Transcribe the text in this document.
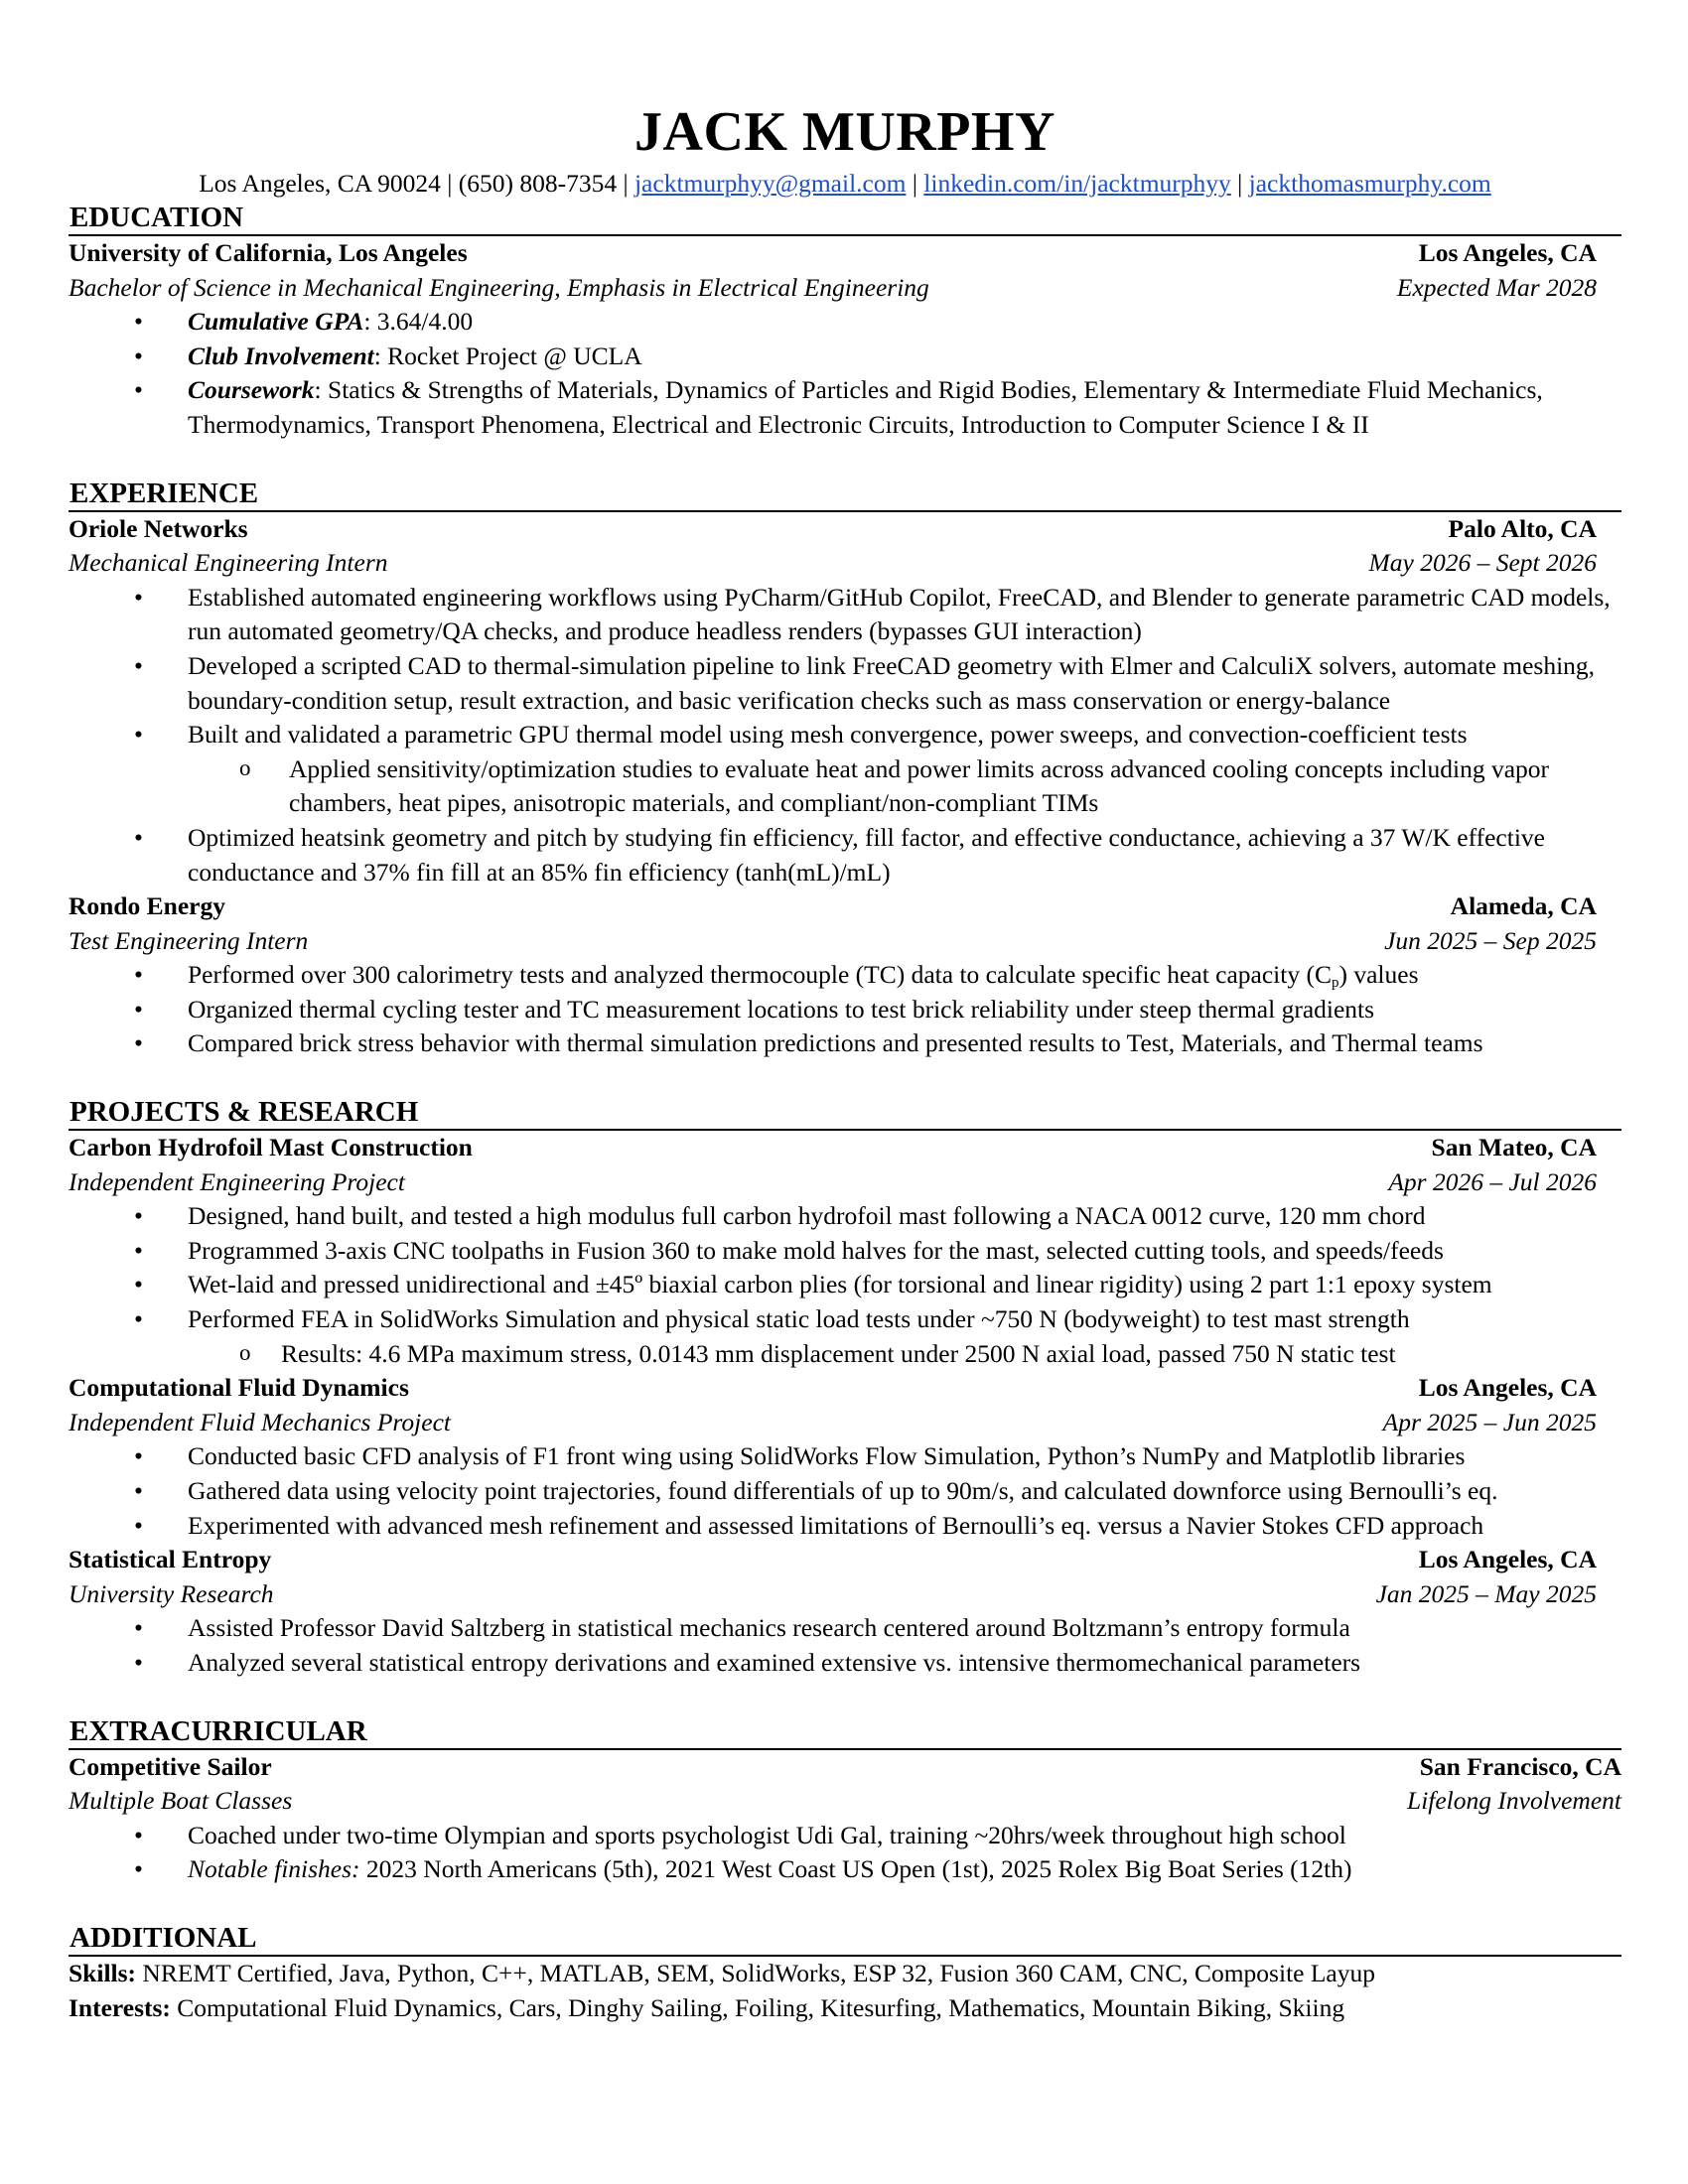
JACK MURPHY
Los Angeles, CA 90024 | (650) 808-7354 | jacktmurphyy@gmail.com | linkedin.com/in/jacktmurphyy | jackthomasmurphy.com
EDUCATION
University of California, Los Angeles	Los Angeles, CA
Bachelor of Science in Mechanical Engineering, Emphasis in Electrical Engineering	Expected Mar 2028
• Cumulative GPA: 3.64/4.00
• Club Involvement: Rocket Project @ UCLA
• Coursework: Statics & Strengths of Materials, Dynamics of Particles and Rigid Bodies, Elementary & Intermediate Fluid Mechanics, Thermodynamics, Transport Phenomena, Electrical and Electronic Circuits, Introduction to Computer Science I & II
EXPERIENCE
Oriole Networks	Palo Alto, CA
Mechanical Engineering Intern	May 2026 – Sept 2026
• Established automated engineering workflows using PyCharm/GitHub Copilot, FreeCAD, and Blender to generate parametric CAD models, run automated geometry/QA checks, and produce headless renders (bypasses GUI interaction)
• Developed a scripted CAD to thermal-simulation pipeline to link FreeCAD geometry with Elmer and CalculiX solvers, automate meshing, boundary-condition setup, result extraction, and basic verification checks such as mass conservation or energy-balance
• Built and validated a parametric GPU thermal model using mesh convergence, power sweeps, and convection-coefficient tests
o Applied sensitivity/optimization studies to evaluate heat and power limits across advanced cooling concepts including vapor chambers, heat pipes, anisotropic materials, and compliant/non-compliant TIMs
• Optimized heatsink geometry and pitch by studying fin efficiency, fill factor, and effective conductance, achieving a 37 W/K effective conductance and 37% fin fill at an 85% fin efficiency (tanh(mL)/mL)
Rondo Energy	Alameda, CA
Test Engineering Intern	Jun 2025 – Sep 2025
• Performed over 300 calorimetry tests and analyzed thermocouple (TC) data to calculate specific heat capacity $(C_p)$ values
• Organized thermal cycling tester and TC measurement locations to test brick reliability under steep thermal gradients
• Compared brick stress behavior with thermal simulation predictions and presented results to Test, Materials, and Thermal teams
PROJECTS & RESEARCH
Carbon Hydrofoil Mast Construction	San Mateo, CA
Independent Engineering Project	Apr 2026 – Jul 2026
• Designed, hand built, and tested a high modulus full carbon hydrofoil mast following a NACA 0012 curve, 120 mm chord
• Programmed 3-axis CNC toolpaths in Fusion 360 to make mold halves for the mast, selected cutting tools, and speeds/feeds
• Wet-laid and pressed unidirectional and ±45º biaxial carbon plies (for torsional and linear rigidity) using 2 part 1:1 epoxy system
• Performed FEA in SolidWorks Simulation and physical static load tests under ~750 N (bodyweight) to test mast strength
o Results: 4.6 MPa maximum stress, 0.0143 mm displacement under 2500 N axial load, passed 750 N static test
Computational Fluid Dynamics	Los Angeles, CA
Independent Fluid Mechanics Project	Apr 2025 – Jun 2025
• Conducted basic CFD analysis of F1 front wing using SolidWorks Flow Simulation, Python’s NumPy and Matplotlib libraries
• Gathered data using velocity point trajectories, found differentials of up to 90m/s, and calculated downforce using Bernoulli’s eq.
• Experimented with advanced mesh refinement and assessed limitations of Bernoulli’s eq. versus a Navier Stokes CFD approach
Statistical Entropy	Los Angeles, CA
University Research	Jan 2025 – May 2025
• Assisted Professor David Saltzberg in statistical mechanics research centered around Boltzmann’s entropy formula
• Analyzed several statistical entropy derivations and examined extensive vs. intensive thermomechanical parameters
EXTRACURRICULAR
Competitive Sailor	San Francisco, CA
Multiple Boat Classes	Lifelong Involvement
• Coached under two-time Olympian and sports psychologist Udi Gal, training ~20hrs/week throughout high school
• Notable finishes: 2023 North Americans (5th), 2021 West Coast US Open (1st), 2025 Rolex Big Boat Series (12th)
ADDITIONAL
Skills: NREMT Certified, Java, Python, C++, MATLAB, SEM, SolidWorks, ESP 32, Fusion 360 CAM, CNC, Composite Layup
Interests: Computational Fluid Dynamics, Cars, Dinghy Sailing, Foiling, Kitesurfing, Mathematics, Mountain Biking, Skiing
